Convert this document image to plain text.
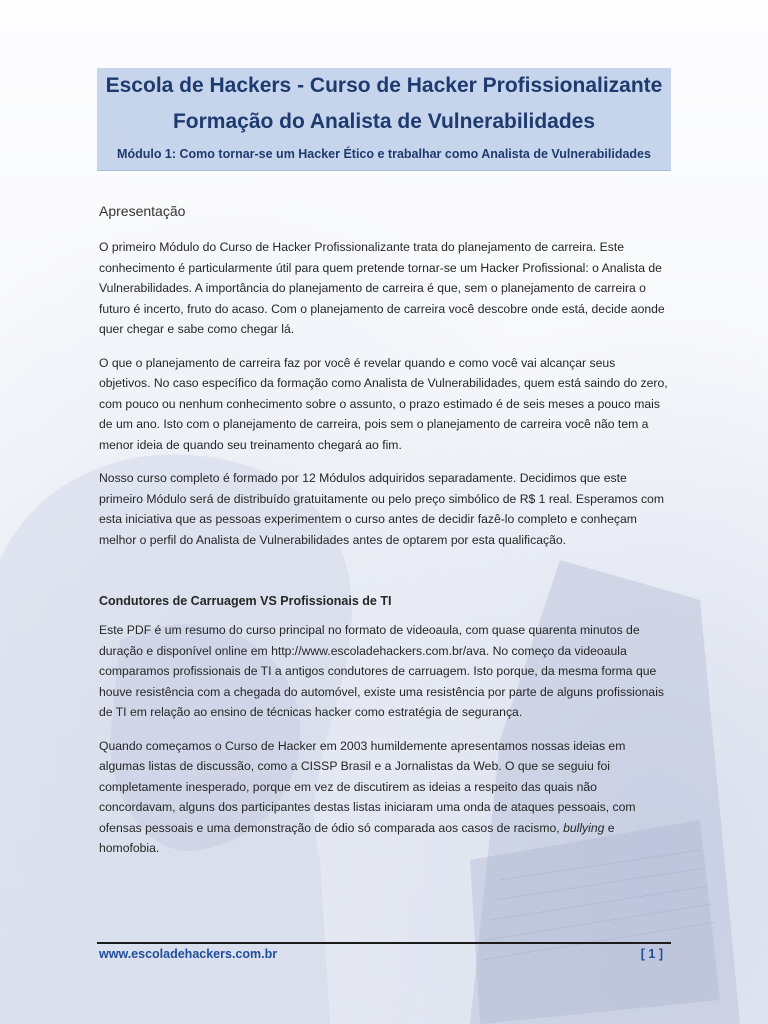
Escola de Hackers - Curso de Hacker Profissionalizante
Formação do Analista de Vulnerabilidades
Módulo 1: Como tornar-se um Hacker Ético e trabalhar como Analista de Vulnerabilidades
Apresentação

O primeiro Módulo do Curso de Hacker Profissionalizante trata do planejamento de carreira. Este conhecimento é particularmente útil para quem pretende tornar-se um Hacker Profissional: o Analista de Vulnerabilidades. A importância do planejamento de carreira é que, sem o planejamento de carreira o futuro é incerto, fruto do acaso. Com o planejamento de carreira você descobre onde está, decide aonde quer chegar e sabe como chegar lá.

O que o planejamento de carreira faz por você é revelar quando e como você vai alcançar seus objetivos. No caso específico da formação como Analista de Vulnerabilidades, quem está saindo do zero, com pouco ou nenhum conhecimento sobre o assunto, o prazo estimado é de seis meses a pouco mais de um ano. Isto com o planejamento de carreira, pois sem o planejamento de carreira você não tem a menor ideia de quando seu treinamento chegará ao fim.

Nosso curso completo é formado por 12 Módulos adquiridos separadamente. Decidimos que este primeiro Módulo será de distribuído gratuitamente ou pelo preço simbólico de R$ 1 real. Esperamos com esta iniciativa que as pessoas experimentem o curso antes de decidir fazê-lo completo e conheçam melhor o perfil do Analista de Vulnerabilidades antes de optarem por esta qualificação.

Condutores de Carruagem VS Profissionais de TI

Este PDF é um resumo do curso principal no formato de videoaula, com quase quarenta minutos de duração e disponível online em http://www.escoladehackers.com.br/ava. No começo da videoaula comparamos profissionais de TI a antigos condutores de carruagem. Isto porque, da mesma forma que houve resistência com a chegada do automóvel, existe uma resistência por parte de alguns profissionais de TI em relação ao ensino de técnicas hacker como estratégia de segurança.

Quando começamos o Curso de Hacker em 2003 humildemente apresentamos nossas ideias em algumas listas de discussão, como a CISSP Brasil e a Jornalistas da Web. O que se seguiu foi completamente inesperado, porque em vez de discutirem as ideias a respeito das quais não concordavam, alguns dos participantes destas listas iniciaram uma onda de ataques pessoais, com ofensas pessoais e uma demonstração de ódio só comparada aos casos de racismo, bullying e homofobia.

www.escoladehackers.com.br	[ 1 ]
